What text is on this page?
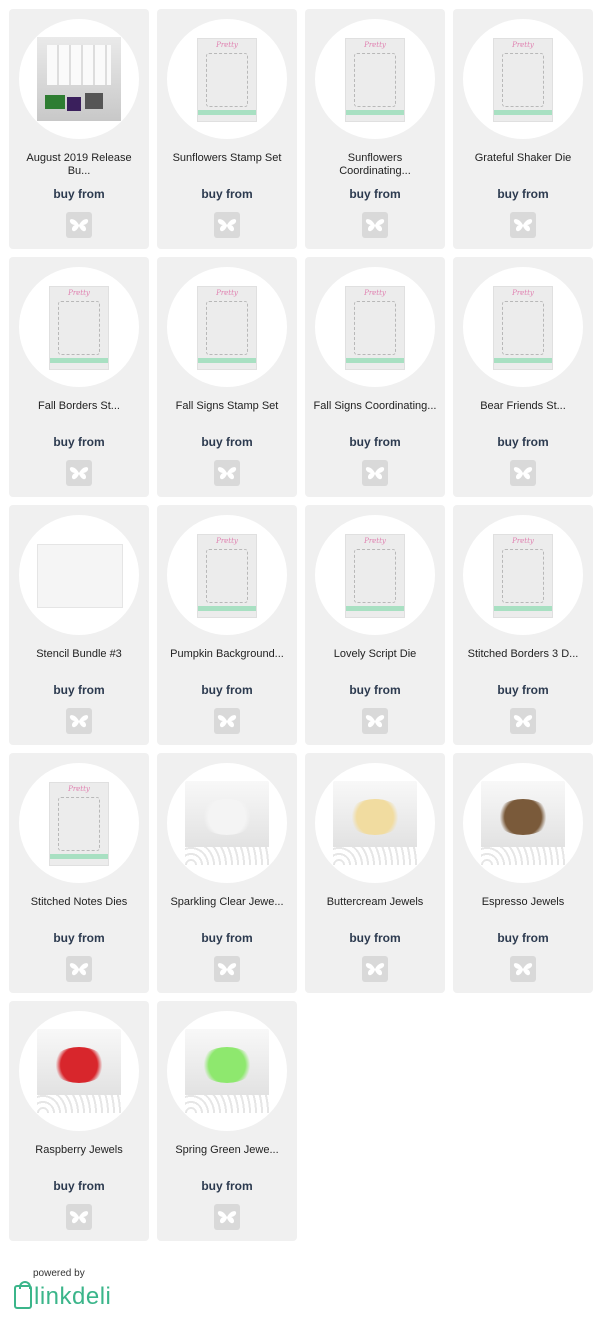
August 2019 Release Bu...
buy from
Pretty
Sunflowers Stamp Set
buy from
Pretty
Sunflowers Coordinating...
buy from
Pretty
Grateful Shaker Die
buy from
Pretty
Fall Borders St...
buy from
Pretty
Fall Signs Stamp Set
buy from
Pretty
Fall Signs Coordinating...
buy from
Pretty
Bear Friends St...
buy from
Stencil Bundle #3
buy from
Pretty
Pumpkin Background...
buy from
Pretty
Lovely Script Die
buy from
Pretty
Stitched Borders 3 D...
buy from
Pretty
Stitched Notes Dies
buy from
Sparkling Clear Jewe...
buy from
Buttercream Jewels
buy from
Espresso Jewels
buy from
Raspberry Jewels
buy from
Spring Green Jewe...
buy from
powered by
linkdeli
